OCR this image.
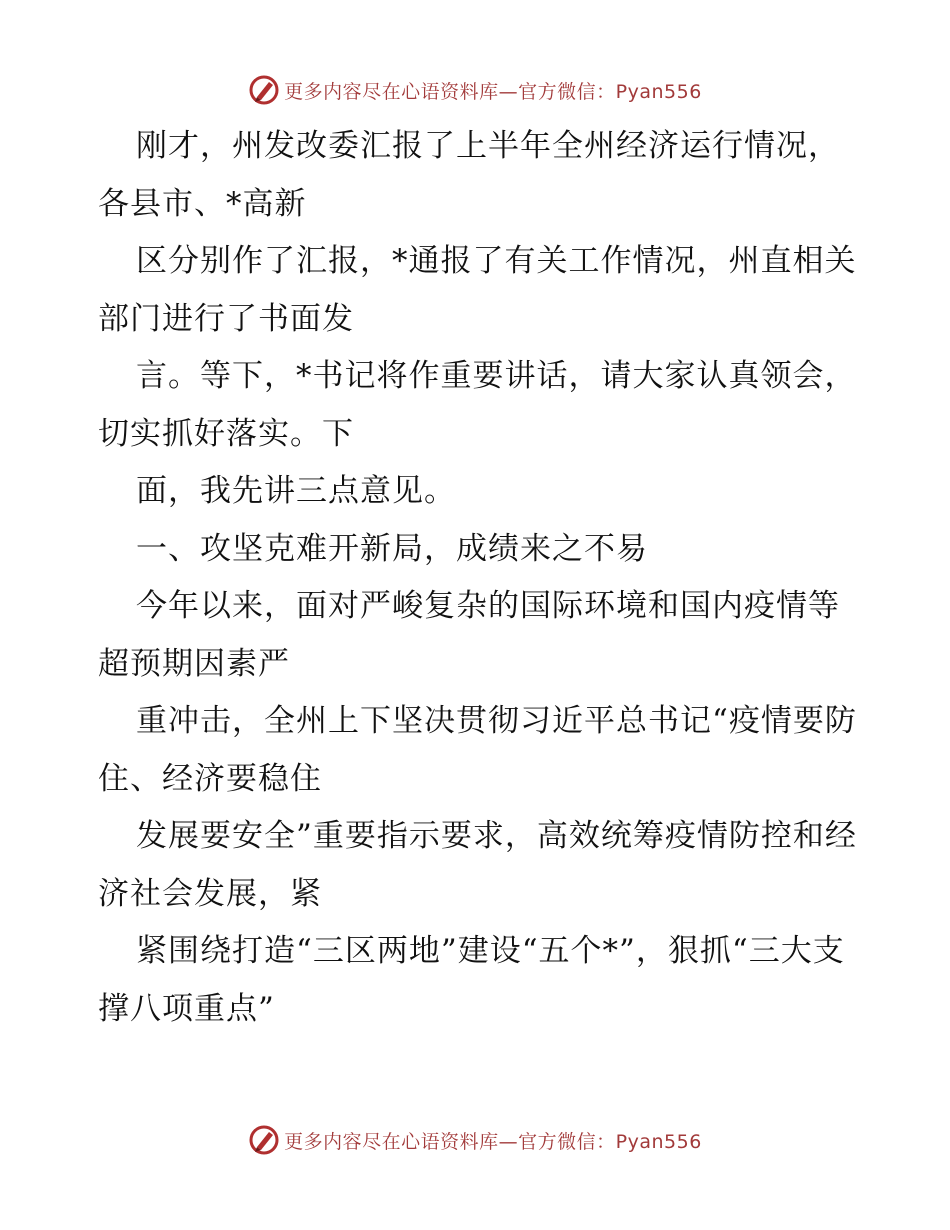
更多内容尽在心语资料库—官方微信：Pyan556

刚才，州发改委汇报了上半年全州经济运行情况，各县市、*高新

区分别作了汇报，*通报了有关工作情况，州直相关部门进行了书面发

言。等下，*书记将作重要讲话，请大家认真领会，切实抓好落实。下

面，我先讲三点意见。

一、攻坚克难开新局，成绩来之不易

今年以来，面对严峻复杂的国际环境和国内疫情等超预期因素严

重冲击，全州上下坚决贯彻习近平总书记“疫情要防住、经济要稳住

发展要安全”重要指示要求，高效统筹疫情防控和经济社会发展，紧

紧围绕打造“三区两地”建设“五个*”，狠抓“三大支撑八项重点”

更多内容尽在心语资料库—官方微信：Pyan556
